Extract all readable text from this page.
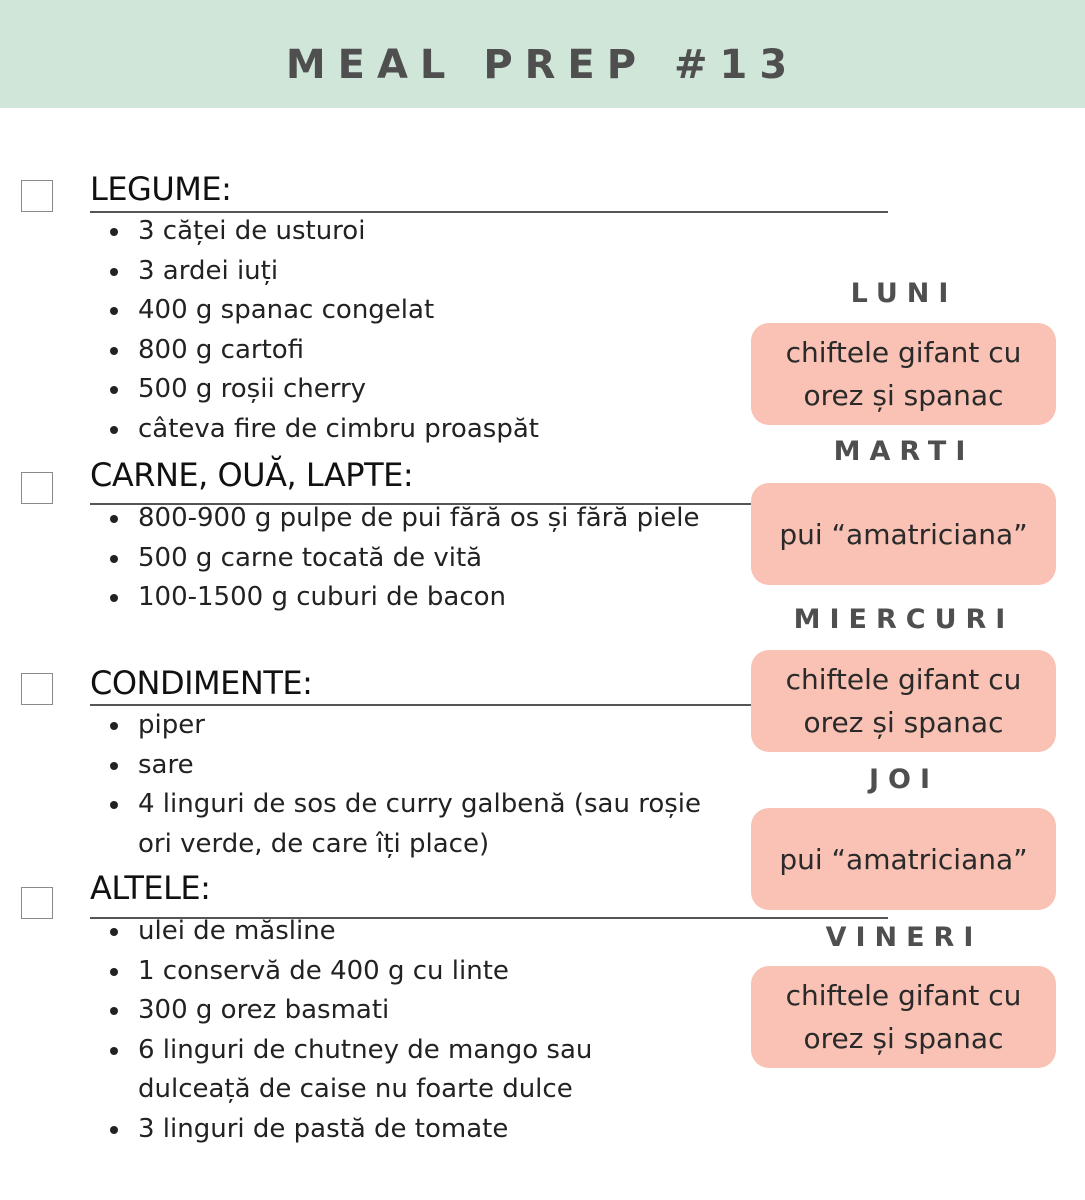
MEAL PREP #13
LEGUME:
3 căței de usturoi
3 ardei iuți
400 g spanac congelat
800 g cartofi
500 g roșii cherry
câteva fire de cimbru proaspăt
CARNE, OUĂ, LAPTE:
800-900 g pulpe de pui fără os și fără piele
500 g carne tocată de vită
100-1500 g cuburi de bacon
CONDIMENTE:
piper
sare
4 linguri de sos de curry galbenă (sau roșie ori verde, de care îți place)
ALTELE:
ulei de măsline
1 conservă de 400 g cu linte
300 g orez basmati
6 linguri de chutney de mango sau dulceață de caise nu foarte dulce
3 linguri de pastă de tomate
LUNI
chiftele gifant cu orez și spanac
MARTI
pui “amatriciana”
MIERCURI
chiftele gifant cu orez și spanac
JOI
pui “amatriciana”
VINERI
chiftele gifant cu orez și spanac
